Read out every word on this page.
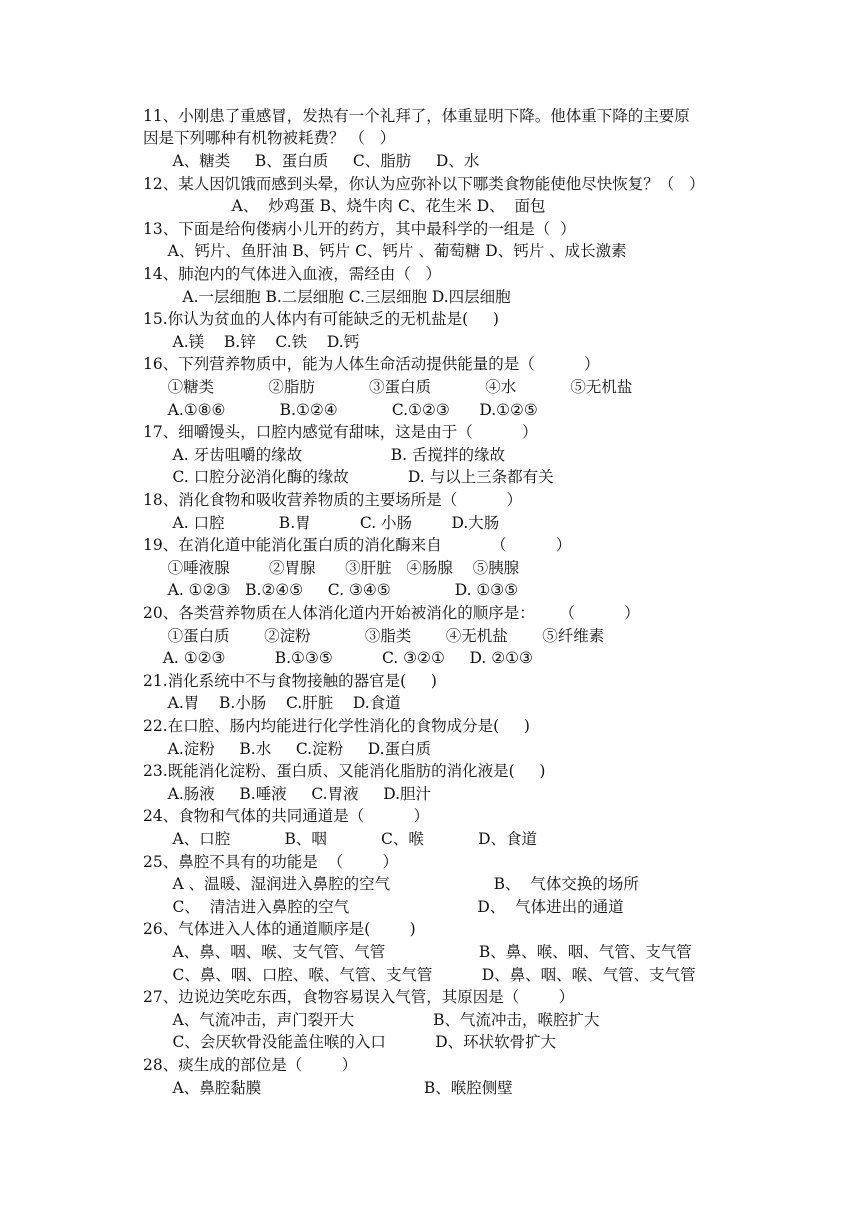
11、小刚患了重感冒，发热有一个礼拜了，体重显明下降。他体重下降的主要原
因是下列哪种有机物被耗费？ （   ）
A、糖类     B、蛋白质     C、脂肪     D、水
12、某人因饥饿而感到头晕，你认为应弥补以下哪类食物能使他尽快恢复？（   ）
A、  炒鸡蛋 B、烧牛肉 C、花生米 D、  面包
13、下面是给佝偻病小儿开的药方，其中最科学的一组是（  ）
A、钙片、鱼肝油 B、钙片 C、钙片 、葡萄糖 D、钙片 、成长激素
14、肺泡内的气体进入血液，需经由（   ）
A.一层细胞 B.二层细胞 C.三层细胞 D.四层细胞
15.你认为贫血的人体内有可能缺乏的无机盐是(     )
A.镁    B.锌    C.铁    D.钙
16、下列营养物质中，能为人体生命活动提供能量的是（          ）
①糖类           ②脂肪           ③蛋白质           ④水           ⑤无机盐
A.①⑧⑥           B.①②④           C.①②③      D.①②⑤
17、细嚼馒头，口腔内感觉有甜味，这是由于（          ）
A. 牙齿咀嚼的缘故                  B. 舌搅拌的缘故
C. 口腔分泌消化酶的缘故            D. 与以上三条都有关
18、消化食物和吸收营养物质的主要场所是（          ）
A. 口腔           B.胃          C. 小肠        D.大肠
19、在消化道中能消化蛋白质的消化酶来自          （          ）
①唾液腺        ②胃腺      ③肝脏   ④肠腺    ⑤胰腺
A. ①②③   B.②④⑤     C. ③④⑤             D. ①③⑤
20、各类营养物质在人体消化道内开始被消化的顺序是：     （          ）
①蛋白质       ②淀粉           ③脂类       ④无机盐       ⑤纤维素
A. ①②③          B.①③⑤          C. ③②①     D. ②①③
21.消化系统中不与食物接触的器官是(     )
A.胃    B.小肠    C.肝脏    D.食道
22.在口腔、肠内均能进行化学性消化的食物成分是(     )
A.淀粉     B.水     C.淀粉     D.蛋白质
23.既能消化淀粉、蛋白质、又能消化脂肪的消化液是(     )
A.肠液     B.唾液     C.胃液     D.胆汁
24、食物和气体的共同通道是（          ）
A、口腔           B、咽           C、喉           D、食道
25、鼻腔不具有的功能是  （        ）
A 、温暖、湿润进入鼻腔的空气                     B、  气体交换的场所
C、  清洁进入鼻腔的空气                          D、  气体进出的通道
26、气体进入人体的通道顺序是(        )
A、鼻、咽、喉、支气管、气管                   B、鼻、喉、咽、气管、支气管
C、鼻、咽、口腔、喉、气管、支气管          D、鼻、咽、喉、气管、支气管
27、边说边笑吃东西，食物容易误入气管，其原因是（        ）
A、气流冲击，声门裂开大                B、气流冲击，喉腔扩大
C、会厌软骨没能盖住喉的入口          D、环状软骨扩大
28、痰生成的部位是（        ）
A、鼻腔黏膜                                 B、喉腔侧壁
